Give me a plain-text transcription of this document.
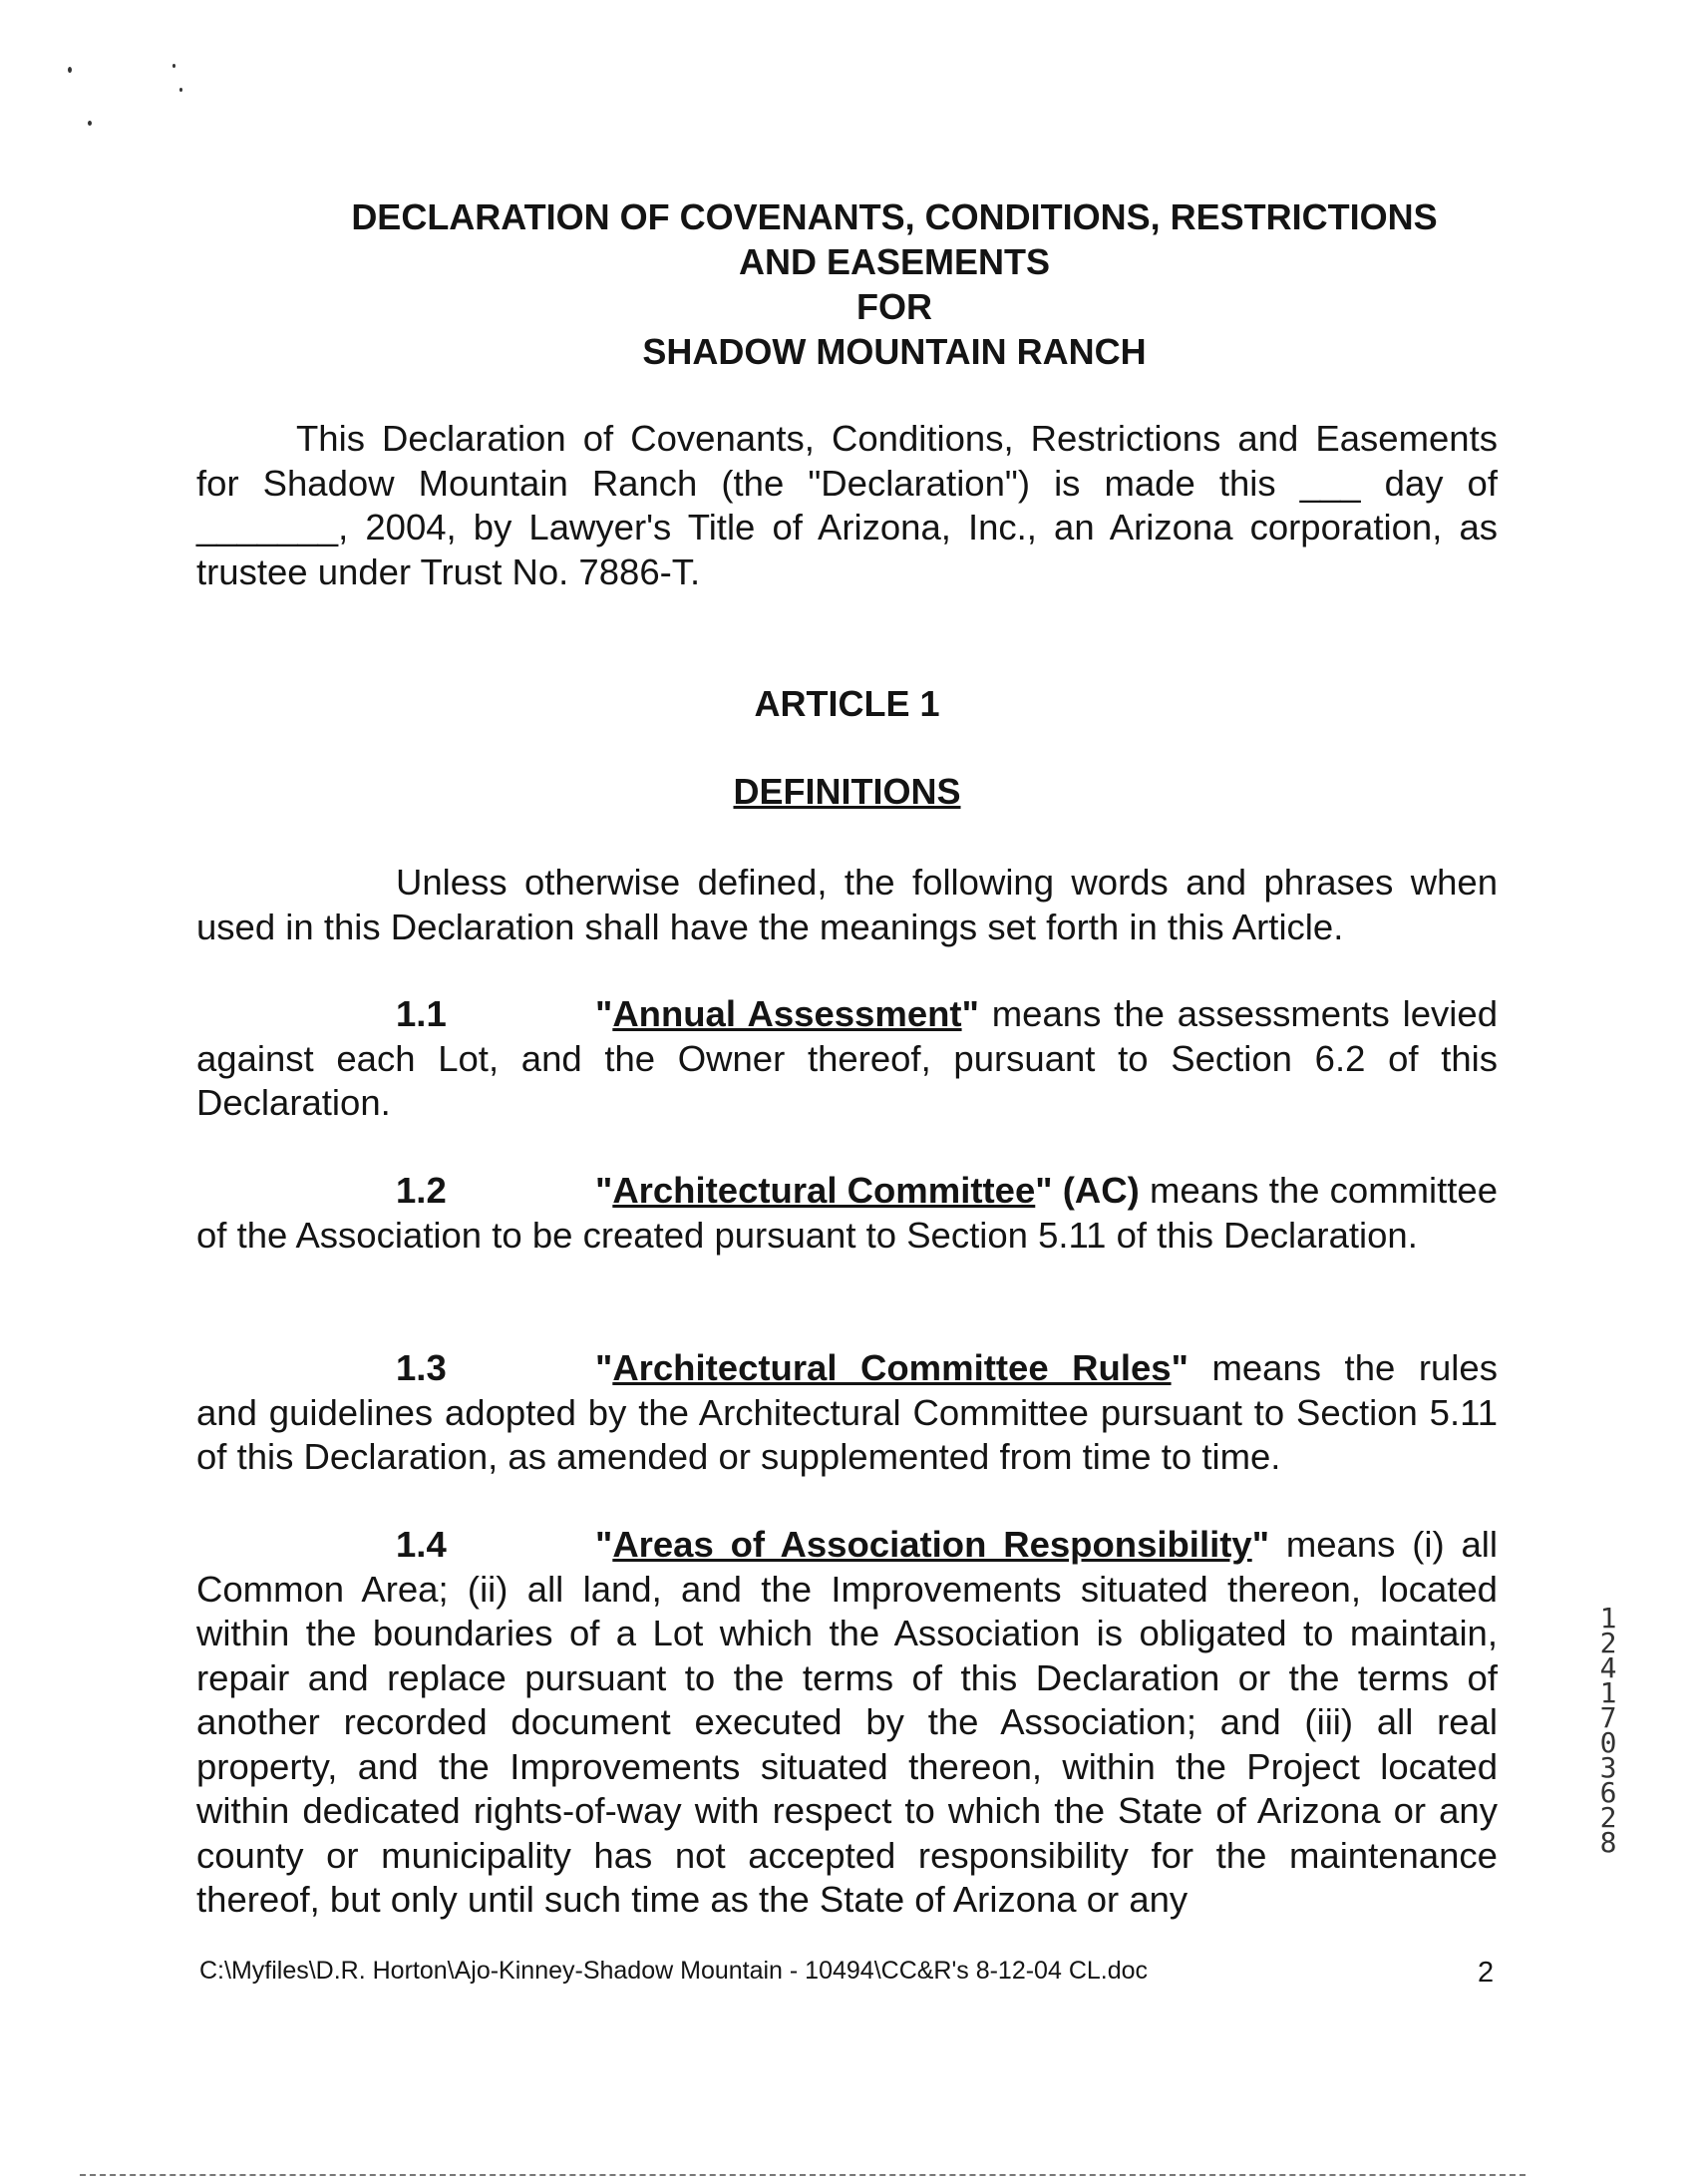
DECLARATION OF COVENANTS, CONDITIONS, RESTRICTIONS
AND EASEMENTS
FOR
SHADOW MOUNTAIN RANCH
This Declaration of Covenants, Conditions, Restrictions and Easements for Shadow Mountain Ranch (the "Declaration") is made this ___ day of _______, 2004, by Lawyer's Title of Arizona, Inc., an Arizona corporation, as trustee under Trust No. 7886-T.
ARTICLE 1
DEFINITIONS
Unless otherwise defined, the following words and phrases when used in this Declaration shall have the meanings set forth in this Article.
1.1	"Annual Assessment" means the assessments levied against each Lot, and the Owner thereof, pursuant to Section 6.2 of this Declaration.
1.2	"Architectural Committee" (AC) means the committee of the Association to be created pursuant to Section 5.11 of this Declaration.
1.3	"Architectural Committee Rules" means the rules and guidelines adopted by the Architectural Committee pursuant to Section 5.11 of this Declaration, as amended or supplemented from time to time.
1.4	"Areas of Association Responsibility" means (i) all Common Area; (ii) all land, and the Improvements situated thereon, located within the boundaries of a Lot which the Association is obligated to maintain, repair and replace pursuant to the terms of this Declaration or the terms of another recorded document executed by the Association; and (iii) all real property, and the Improvements situated thereon, within the Project located within dedicated rights-of-way with respect to which the State of Arizona or any county or municipality has not accepted responsibility for the maintenance thereof, but only until such time as the State of Arizona or any
12417 03628
C:\Myfiles\D.R. Horton\Ajo-Kinney-Shadow Mountain - 10494\CC&R's 8-12-04 CL.doc	2
